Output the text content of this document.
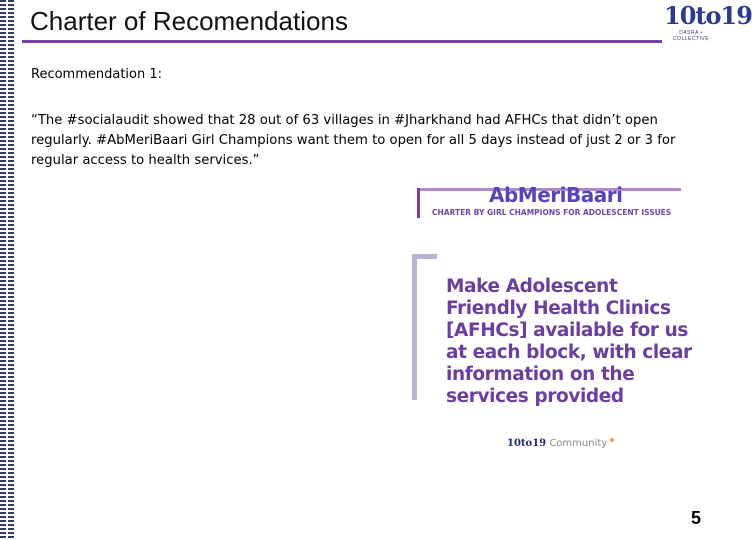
Charter of Recomendations	10to19
DASRA • COLLECTIVE
Recommendation 1:
“The #socialaudit showed that 28 out of 63 villages in #Jharkhand had AFHCs that didn’t open regularly. #AbMeriBaari Girl Champions want them to open for all 5 days instead of just 2 or 3 for regular access to health services.”
AbMeriBaari
CHARTER BY GIRL CHAMPIONS FOR ADOLESCENT ISSUES
Make Adolescent Friendly Health Clinics [AFHCs] available for us at each block, with clear information on the services provided
10to19 Community
5
